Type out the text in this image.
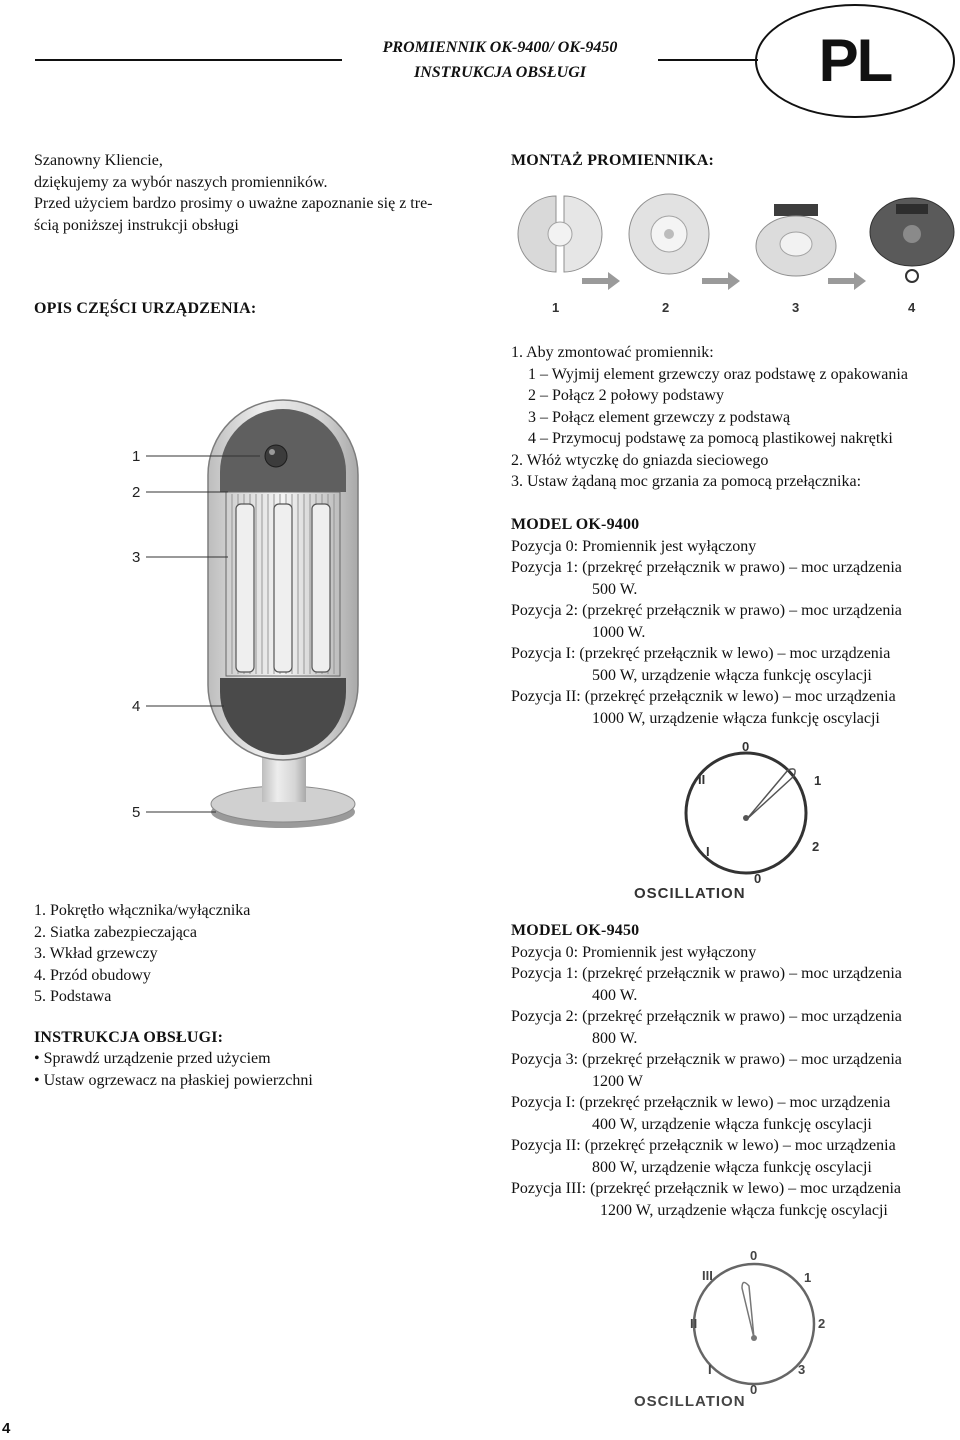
PROMIENNIK OK-9400/ OK-9450
INSTRUKCJA OBSŁUGI	PL
Szanowny Kliencie,
dziękujemy za wybór naszych promienników.
Przed użyciem bardzo prosimy o uważne zapoznanie się z tre-
ścią poniższej instrukcji obsługi
OPIS CZĘŚCI URZĄDZENIA:
1
2
3
4
5
1. Pokrętło włącznika/wyłącznika
2. Siatka zabezpieczająca
3. Wkład grzewczy
4. Przód obudowy
5. Podstawa
INSTRUKCJA OBSŁUGI:
• Sprawdź urządzenie przed użyciem
• Ustaw ogrzewacz na płaskiej powierzchni
MONTAŻ PROMIENNIKA:
1	2	3	4
1. Aby zmontować promiennik:
1 – Wyjmij element grzewczy oraz podstawę z opakowania
2 – Połącz 2 połowy podstawy
3 – Połącz element grzewczy z podstawą
4 – Przymocuj podstawę za pomocą plastikowej nakrętki
2. Włóż wtyczkę do gniazda sieciowego
3. Ustaw żądaną moc grzania za pomocą przełącznika:
MODEL OK-9400
Pozycja 0: Promiennik jest wyłączony
Pozycja 1: (przekręć przełącznik w prawo) – moc urządzenia
500 W.
Pozycja 2: (przekręć przełącznik w prawo) – moc urządzenia
1000 W.
Pozycja I: (przekręć przełącznik w lewo) – moc urządzenia
500 W, urządzenie włącza funkcję oscylacji
Pozycja II: (przekręć przełącznik w lewo) – moc urządzenia
1000 W, urządzenie włącza funkcję oscylacji
0
1
2
0
I
II
OSCILLATION
MODEL OK-9450
Pozycja 0: Promiennik jest wyłączony
Pozycja 1: (przekręć przełącznik w prawo) – moc urządzenia
400 W.
Pozycja 2: (przekręć przełącznik w prawo) – moc urządzenia
800 W.
Pozycja 3: (przekręć przełącznik w prawo) – moc urządzenia
1200 W
Pozycja I: (przekręć przełącznik w lewo) – moc urządzenia
400 W, urządzenie włącza funkcję oscylacji
Pozycja II: (przekręć przełącznik w lewo) – moc urządzenia
800 W, urządzenie włącza funkcję oscylacji
Pozycja III: (przekręć przełącznik w lewo) – moc urządzenia
1200 W, urządzenie włącza funkcję oscylacji
0
1
2
3
0
I
II
III
OSCILLATION
4
